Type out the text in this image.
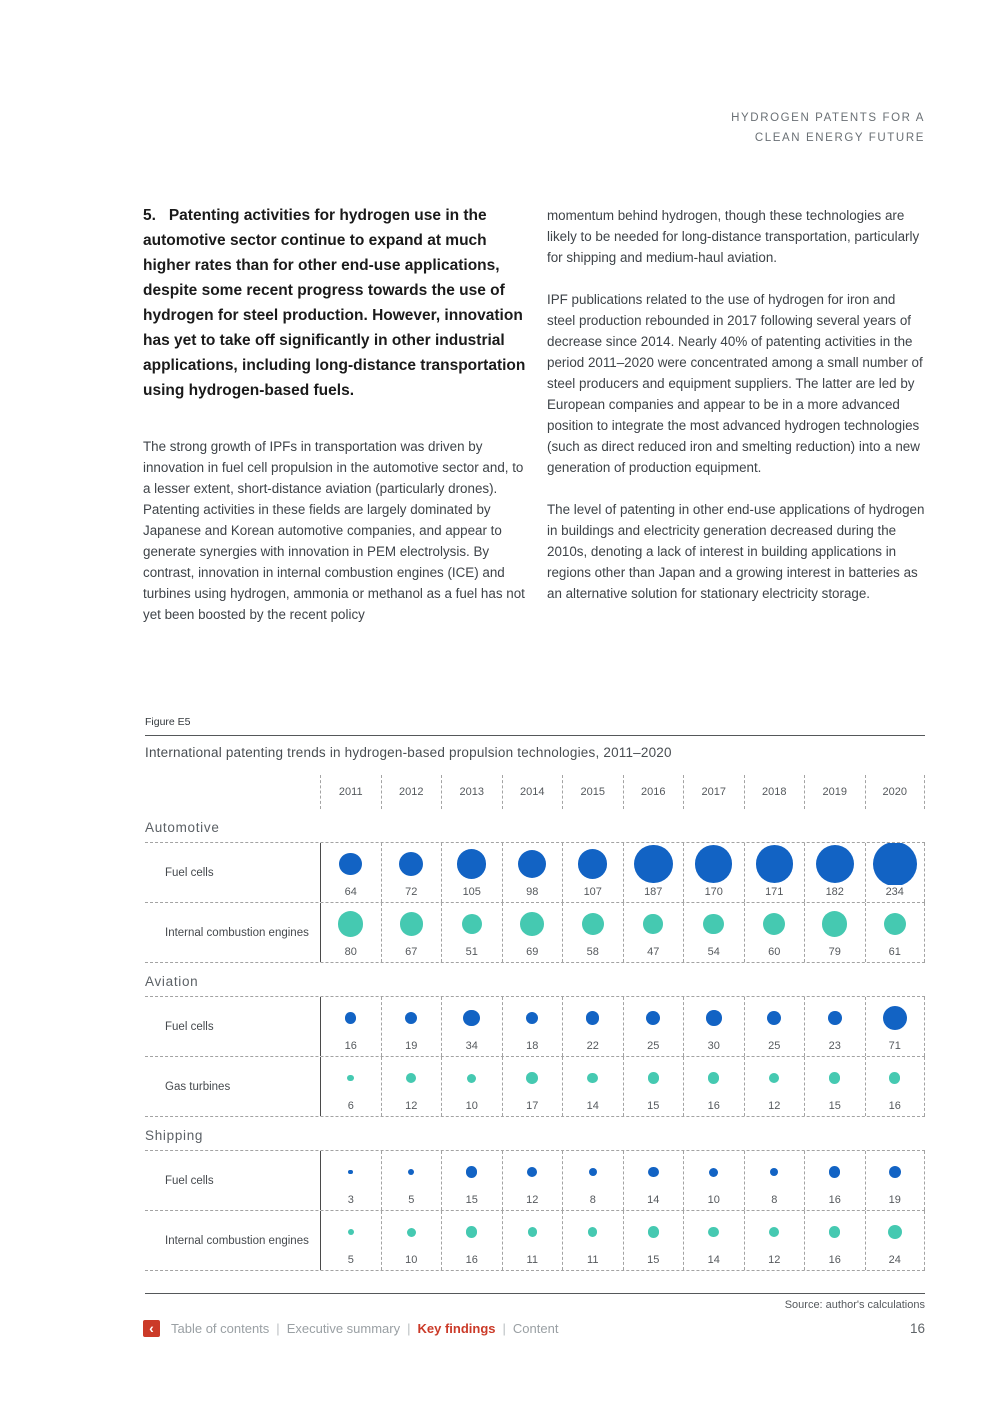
HYDROGEN PATENTS FOR A
CLEAN ENERGY FUTURE
5.   Patenting activities for hydrogen use in the automotive sector continue to expand at much higher rates than for other end-use applications, despite some recent progress towards the use of hydrogen for steel production. However, innovation has yet to take off significantly in other industrial applications, including long-distance transportation using hydrogen-based fuels.

The strong growth of IPFs in transportation was driven by innovation in fuel cell propulsion in the automotive sector and, to a lesser extent, short-distance aviation (particularly drones). Patenting activities in these fields are largely dominated by Japanese and Korean automotive companies, and appear to generate synergies with innovation in PEM electrolysis. By contrast, innovation in internal combustion engines (ICE) and turbines using hydrogen, ammonia or methanol as a fuel has not yet been boosted by the recent policy

momentum behind hydrogen, though these technologies are likely to be needed for long-distance transportation, particularly for shipping and medium-haul aviation.

IPF publications related to the use of hydrogen for iron and steel production rebounded in 2017 following several years of decrease since 2014. Nearly 40% of patenting activities in the period 2011–2020 were concentrated among a small number of steel producers and equipment suppliers. The latter are led by European companies and appear to be in a more advanced position to integrate the most advanced hydrogen technologies (such as direct reduced iron and smelting reduction) into a new generation of production equipment.

The level of patenting in other end-use applications of hydrogen in buildings and electricity generation decreased during the 2010s, denoting a lack of interest in building applications in regions other than Japan and a growing interest in batteries as an alternative solution for stationary electricity storage.

Figure E5
International patenting trends in hydrogen-based propulsion technologies, 2011–2020
2011	2012	2013	2014	2015	2016	2017	2018	2019	2020
Automotive
Fuel cells
64	72	105	98	107	187	170	171	182	234
Internal combustion engines
80	67	51	69	58	47	54	60	79	61
Aviation
Fuel cells
16	19	34	18	22	25	30	25	23	71
Gas turbines
6	12	10	17	14	15	16	12	15	16
Shipping
Fuel cells
3	5	15	12	8	14	10	8	16	19
Internal combustion engines
5	10	16	11	11	15	14	12	16	24
Source: author's calculations
‹	Table of contents | Executive summary | Key findings | Content	16
